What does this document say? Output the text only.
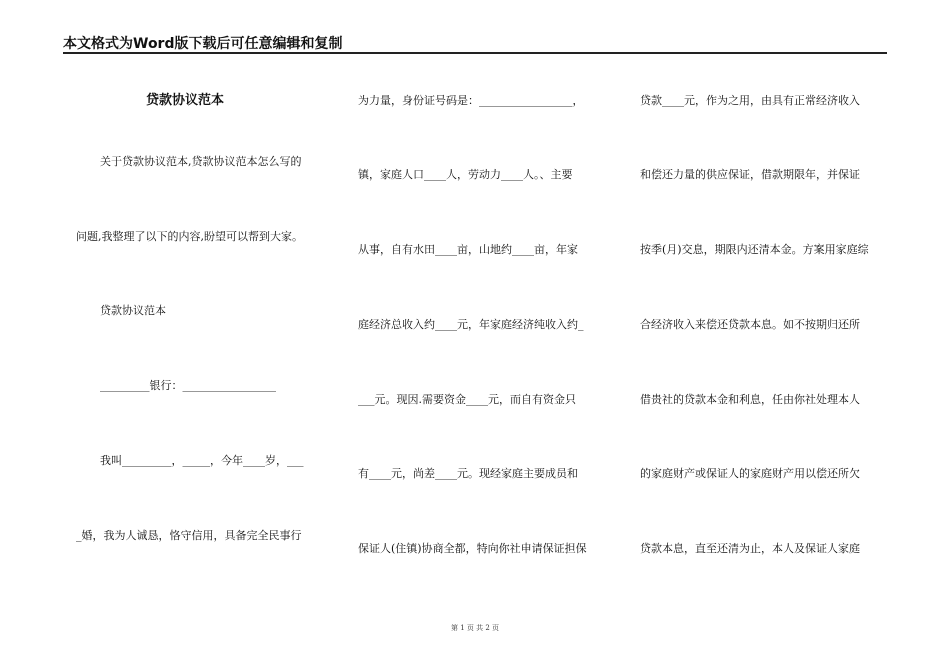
本文格式为Word版下载后可任意编辑和复制
贷款协议范本
关于贷款协议范本,贷款协议范本怎么写的
问题,我整理了以下的内容,盼望可以帮到大家。
贷款协议范本
_________银行：_________________
我叫_________，_____，今年____岁，___
_婚，我为人诚恳，恪守信用，具备完全民事行
为力量，身份证号码是：_________________，
镇，家庭人口____人，劳动力____人。、主要
从事，自有水田____亩，山地约____亩，年家
庭经济总收入约____元，年家庭经济纯收入约_
___元。现因.需要资金____元，而自有资金只
有____元，尚差____元。现经家庭主要成员和
保证人(住镇)协商全都，特向你社申请保证担保
贷款____元，作为之用，由具有正常经济收入
和偿还力量的供应保证，借款期限年，并保证
按季(月)交息，期限内还清本金。方案用家庭综
合经济收入来偿还贷款本息。如不按期归还所
借贵社的贷款本金和利息，任由你社处理本人
的家庭财产或保证人的家庭财产用以偿还所欠
贷款本息，直至还清为止，本人及保证人家庭
第 1 页 共 2 页
